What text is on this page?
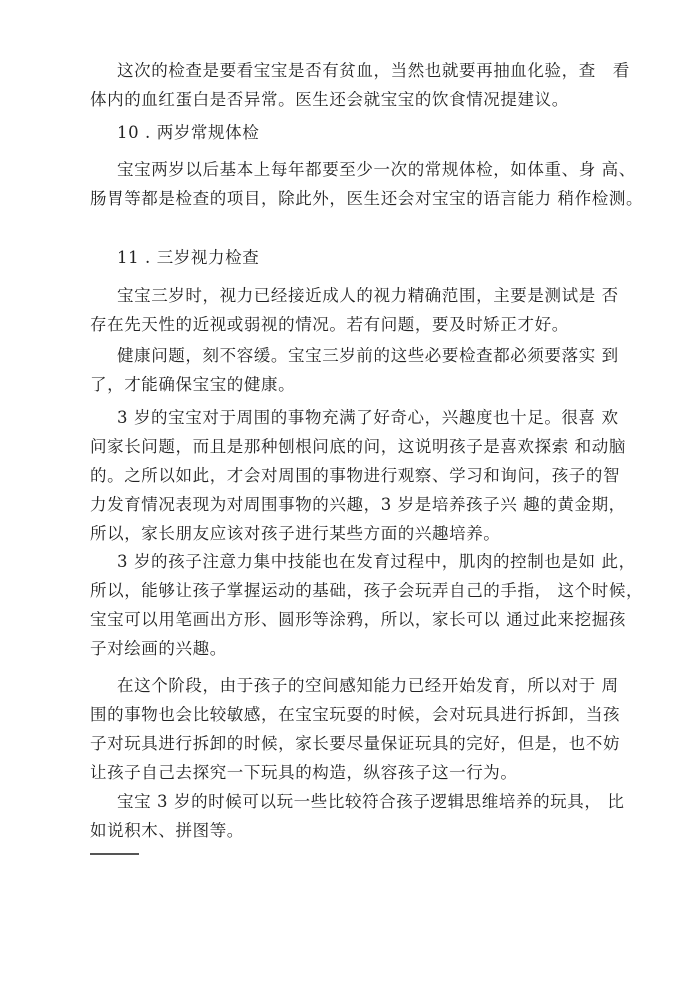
这次的检查是要看宝宝是否有贫血，当然也就要再抽血化验，查　看
体内的血红蛋白是否异常。医生还会就宝宝的饮食情况提建议。

10 . 两岁常规体检

宝宝两岁以后基本上每年都要至少一次的常规体检，如体重、身 高、
肠胃等都是检查的项目，除此外，医生还会对宝宝的语言能力 稍作检测。

11 . 三岁视力检查

宝宝三岁时，视力已经接近成人的视力精确范围，主要是测试是 否
存在先天性的近视或弱视的情况。若有问题，要及时矫正才好。

健康问题，刻不容缓。宝宝三岁前的这些必要检查都必须要落实 到
了，才能确保宝宝的健康。

3 岁的宝宝对于周围的事物充满了好奇心，兴趣度也十足。很喜 欢
问家长问题，而且是那种刨根问底的问，这说明孩子是喜欢探索 和动脑
的。之所以如此，才会对周围的事物进行观察、学习和询问，孩子的智
力发育情况表现为对周围事物的兴趣，3 岁是培养孩子兴 趣的黄金期，
所以，家长朋友应该对孩子进行某些方面的兴趣培养。

3 岁的孩子注意力集中技能也在发育过程中，肌肉的控制也是如 此，
所以，能够让孩子掌握运动的基础，孩子会玩弄自己的手指， 这个时候，
宝宝可以用笔画出方形、圆形等涂鸦，所以，家长可以 通过此来挖掘孩
子对绘画的兴趣。

在这个阶段，由于孩子的空间感知能力已经开始发育，所以对于 周
围的事物也会比较敏感，在宝宝玩耍的时候，会对玩具进行拆卸，当孩
子对玩具进行拆卸的时候，家长要尽量保证玩具的完好，但是，也不妨
让孩子自己去探究一下玩具的构造，纵容孩子这一行为。

宝宝 3 岁的时候可以玩一些比较符合孩子逻辑思维培养的玩具， 比
如说积木、拼图等。
